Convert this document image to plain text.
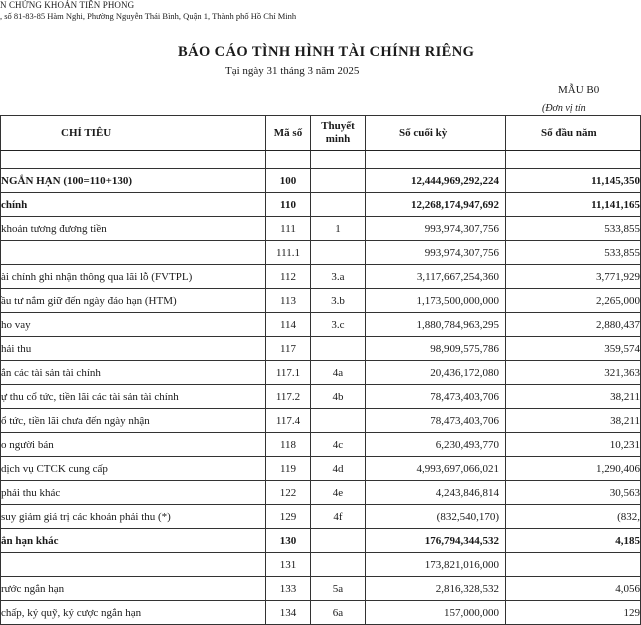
N CHỨNG KHOÁN TIÊN PHONG
, số 81-83-85 Hàm Nghi, Phường Nguyễn Thái Bình, Quận 1, Thành phố Hồ Chí Minh
BÁO CÁO TÌNH HÌNH TÀI CHÍNH RIÊNG
Tại ngày 31 tháng 3 năm 2025
MẪU B0
(Đơn vị tín
CHỈ TIÊU	Mã số	Thuyết minh	Số cuối kỳ	Số đầu năm

NGẮN HẠN (100=110+130)	100		12,444,969,292,224	11,145,350
chính	110		12,268,174,947,692	11,141,165
khoản tương đương tiền	111	1	993,974,307,756	533,855
	111.1		993,974,307,756	533,855
ài chính ghi nhận thông qua lãi lỗ (FVTPL)	112	3.a	3,117,667,254,360	3,771,929
ầu tư nắm giữ đến ngày đáo hạn (HTM)	113	3.b	1,173,500,000,000	2,265,000
ho vay	114	3.c	1,880,784,963,295	2,880,437
hải thu	117		98,909,575,786	359,574
ắn các tài sản tài chính	117.1	4a	20,436,172,080	321,363
ự thu cổ tức, tiền lãi các tài sản tài chính	117.2	4b	78,473,403,706	38,211
ổ tức, tiền lãi chưa đến ngày nhận	117.4		78,473,403,706	38,211
o người bán	118	4c	6,230,493,770	10,231
dịch vụ CTCK cung cấp	119	4d	4,993,697,066,021	1,290,406
phải thu khác	122	4e	4,243,846,814	30,563
suy giảm giá trị các khoản phải thu (*)	129	4f	(832,540,170)	(832,
ắn hạn khác	130		176,794,344,532	4,185
	131		173,821,016,000	
rước ngắn hạn	133	5a	2,816,328,532	4,056
chấp, ký quỹ, ký cược ngắn hạn	134	6a	157,000,000	129
